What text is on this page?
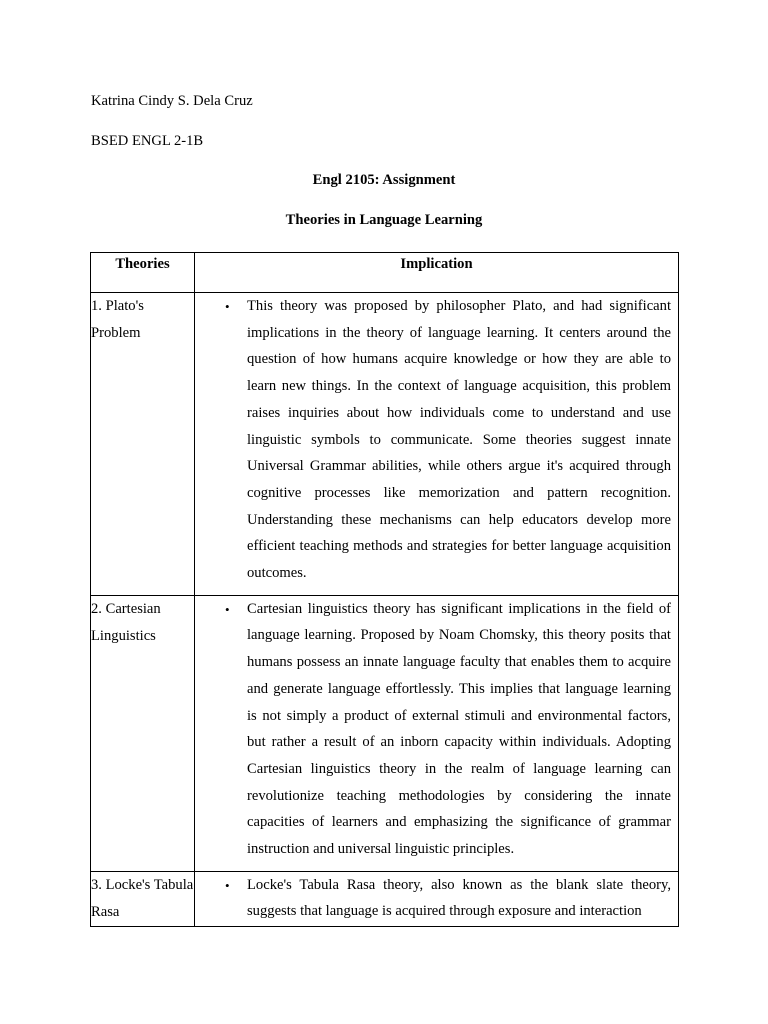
Katrina Cindy S. Dela Cruz
BSED ENGL 2-1B
Engl 2105: Assignment
Theories in Language Learning
Theories	Implication
1. Plato's Problem	• This theory was proposed by philosopher Plato, and had significant implications in the theory of language learning. It centers around the question of how humans acquire knowledge or how they are able to learn new things. In the context of language acquisition, this problem raises inquiries about how individuals come to understand and use linguistic symbols to communicate. Some theories suggest innate Universal Grammar abilities, while others argue it's acquired through cognitive processes like memorization and pattern recognition. Understanding these mechanisms can help educators develop more efficient teaching methods and strategies for better language acquisition outcomes.

2. Cartesian Linguistics	• Cartesian linguistics theory has significant implications in the field of language learning. Proposed by Noam Chomsky, this theory posits that humans possess an innate language faculty that enables them to acquire and generate language effortlessly. This implies that language learning is not simply a product of external stimuli and environmental factors, but rather a result of an inborn capacity within individuals. Adopting Cartesian linguistics theory in the realm of language learning can revolutionize teaching methodologies by considering the innate capacities of learners and emphasizing the significance of grammar instruction and universal linguistic principles.

3. Locke's Tabula Rasa	• Locke's Tabula Rasa theory, also known as the blank slate theory, suggests that language is acquired through exposure and interaction
